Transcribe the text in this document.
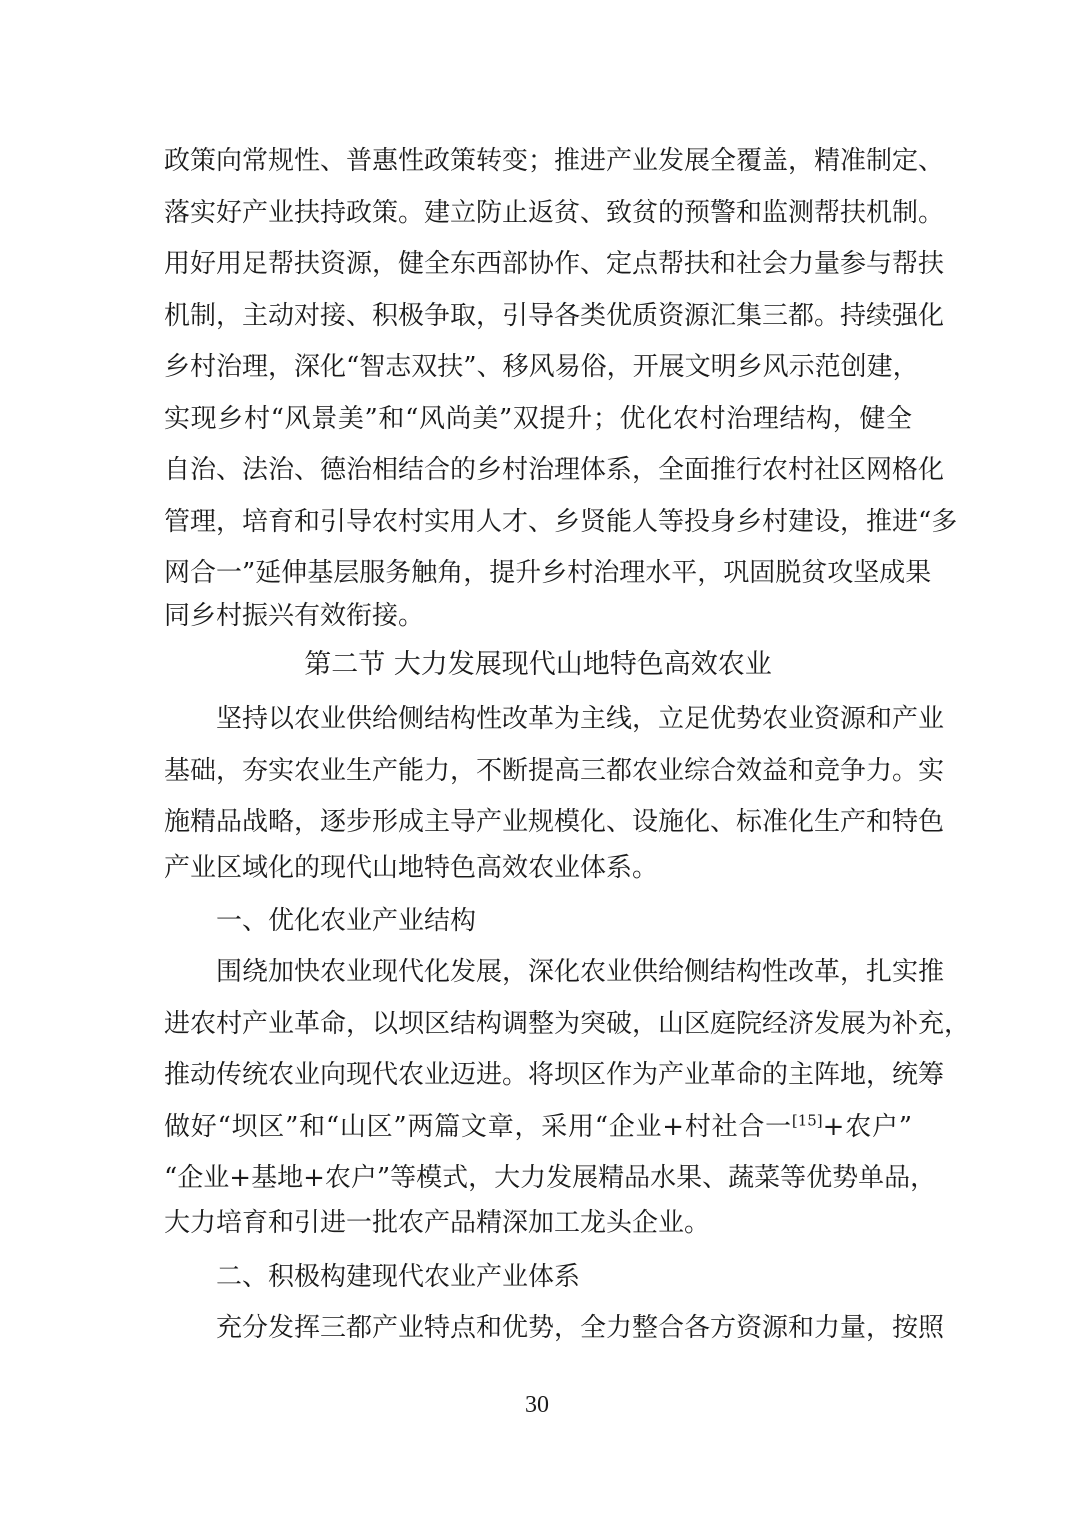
政策向常规性、普惠性政策转变；推进产业发展全覆盖，精准制定、
落实好产业扶持政策。建立防止返贫、致贫的预警和监测帮扶机制。
用好用足帮扶资源，健全东西部协作、定点帮扶和社会力量参与帮扶
机制，主动对接、积极争取，引导各类优质资源汇集三都。持续强化
乡村治理，深化“智志双扶”、移风易俗，开展文明乡风示范创建，
实现乡村“风景美”和“风尚美”双提升；优化农村治理结构，健全
自治、法治、德治相结合的乡村治理体系，全面推行农村社区网格化
管理，培育和引导农村实用人才、乡贤能人等投身乡村建设，推进“多
网合一”延伸基层服务触角，提升乡村治理水平，巩固脱贫攻坚成果
同乡村振兴有效衔接。
第二节 大力发展现代山地特色高效农业
坚持以农业供给侧结构性改革为主线，立足优势农业资源和产业
基础，夯实农业生产能力，不断提高三都农业综合效益和竞争力。实
施精品战略，逐步形成主导产业规模化、设施化、标准化生产和特色
产业区域化的现代山地特色高效农业体系。
一、优化农业产业结构
围绕加快农业现代化发展，深化农业供给侧结构性改革，扎实推
进农村产业革命，以坝区结构调整为突破，山区庭院经济发展为补充，
推动传统农业向现代农业迈进。将坝区作为产业革命的主阵地，统筹
做好“坝区”和“山区”两篇文章，采用“企业+村社合一[15]+农户”
“企业+基地+农户”等模式，大力发展精品水果、蔬菜等优势单品，
大力培育和引进一批农产品精深加工龙头企业。
二、积极构建现代农业产业体系
充分发挥三都产业特点和优势，全力整合各方资源和力量，按照
30
